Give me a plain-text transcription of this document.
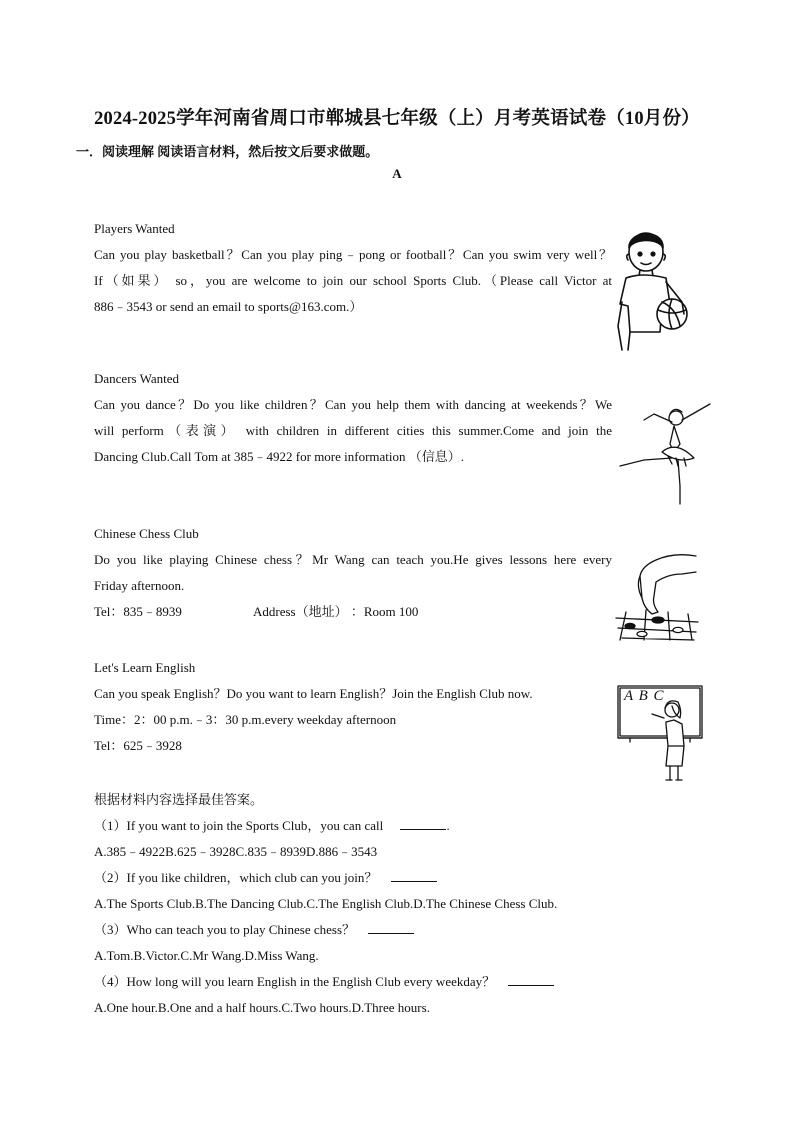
2024-2025学年河南省周口市郸城县七年级（上）月考英语试卷（10月份）
一．阅读理解 阅读语言材料，然后按文后要求做题。
A
Players Wanted
Can you play basketball？Can you play ping﹣pong or football？Can you swim very well？
If（如果） so，you are welcome to join our school Sports Club.（Please call Victor at
886﹣3543 or send an email to sports@163.com.）
Dancers Wanted
Can you dance？Do you like children？Can you help them with dancing at weekends？We
will perform（表演） with children in different cities this summer.Come and join the
Dancing Club.Call Tom at 385﹣4922 for more information （信息）.
Chinese Chess Club
Do you like playing Chinese chess？Mr Wang can teach you.He gives lessons here every
Friday afternoon.
Tel：835﹣8939	Address（地址） ：Room 100
Let's Learn English
Can you speak English？Do you want to learn English？Join the English Club now.
Time：2：00 p.m.﹣3：30 p.m.every weekday afternoon
Tel：625﹣3928
A B C
根据材料内容选择最佳答案。
（1）If you want to join the Sports Club，you can call	.
A.385﹣4922B.625﹣3928C.835﹣8939D.886﹣3543
（2）If you like children，which club can you join？
A.The Sports Club.B.The Dancing Club.C.The English Club.D.The Chinese Chess Club.
（3）Who can teach you to play Chinese chess？
A.Tom.B.Victor.C.Mr Wang.D.Miss Wang.
（4）How long will you learn English in the English Club every weekday？
A.One hour.B.One and a half hours.C.Two hours.D.Three hours.
